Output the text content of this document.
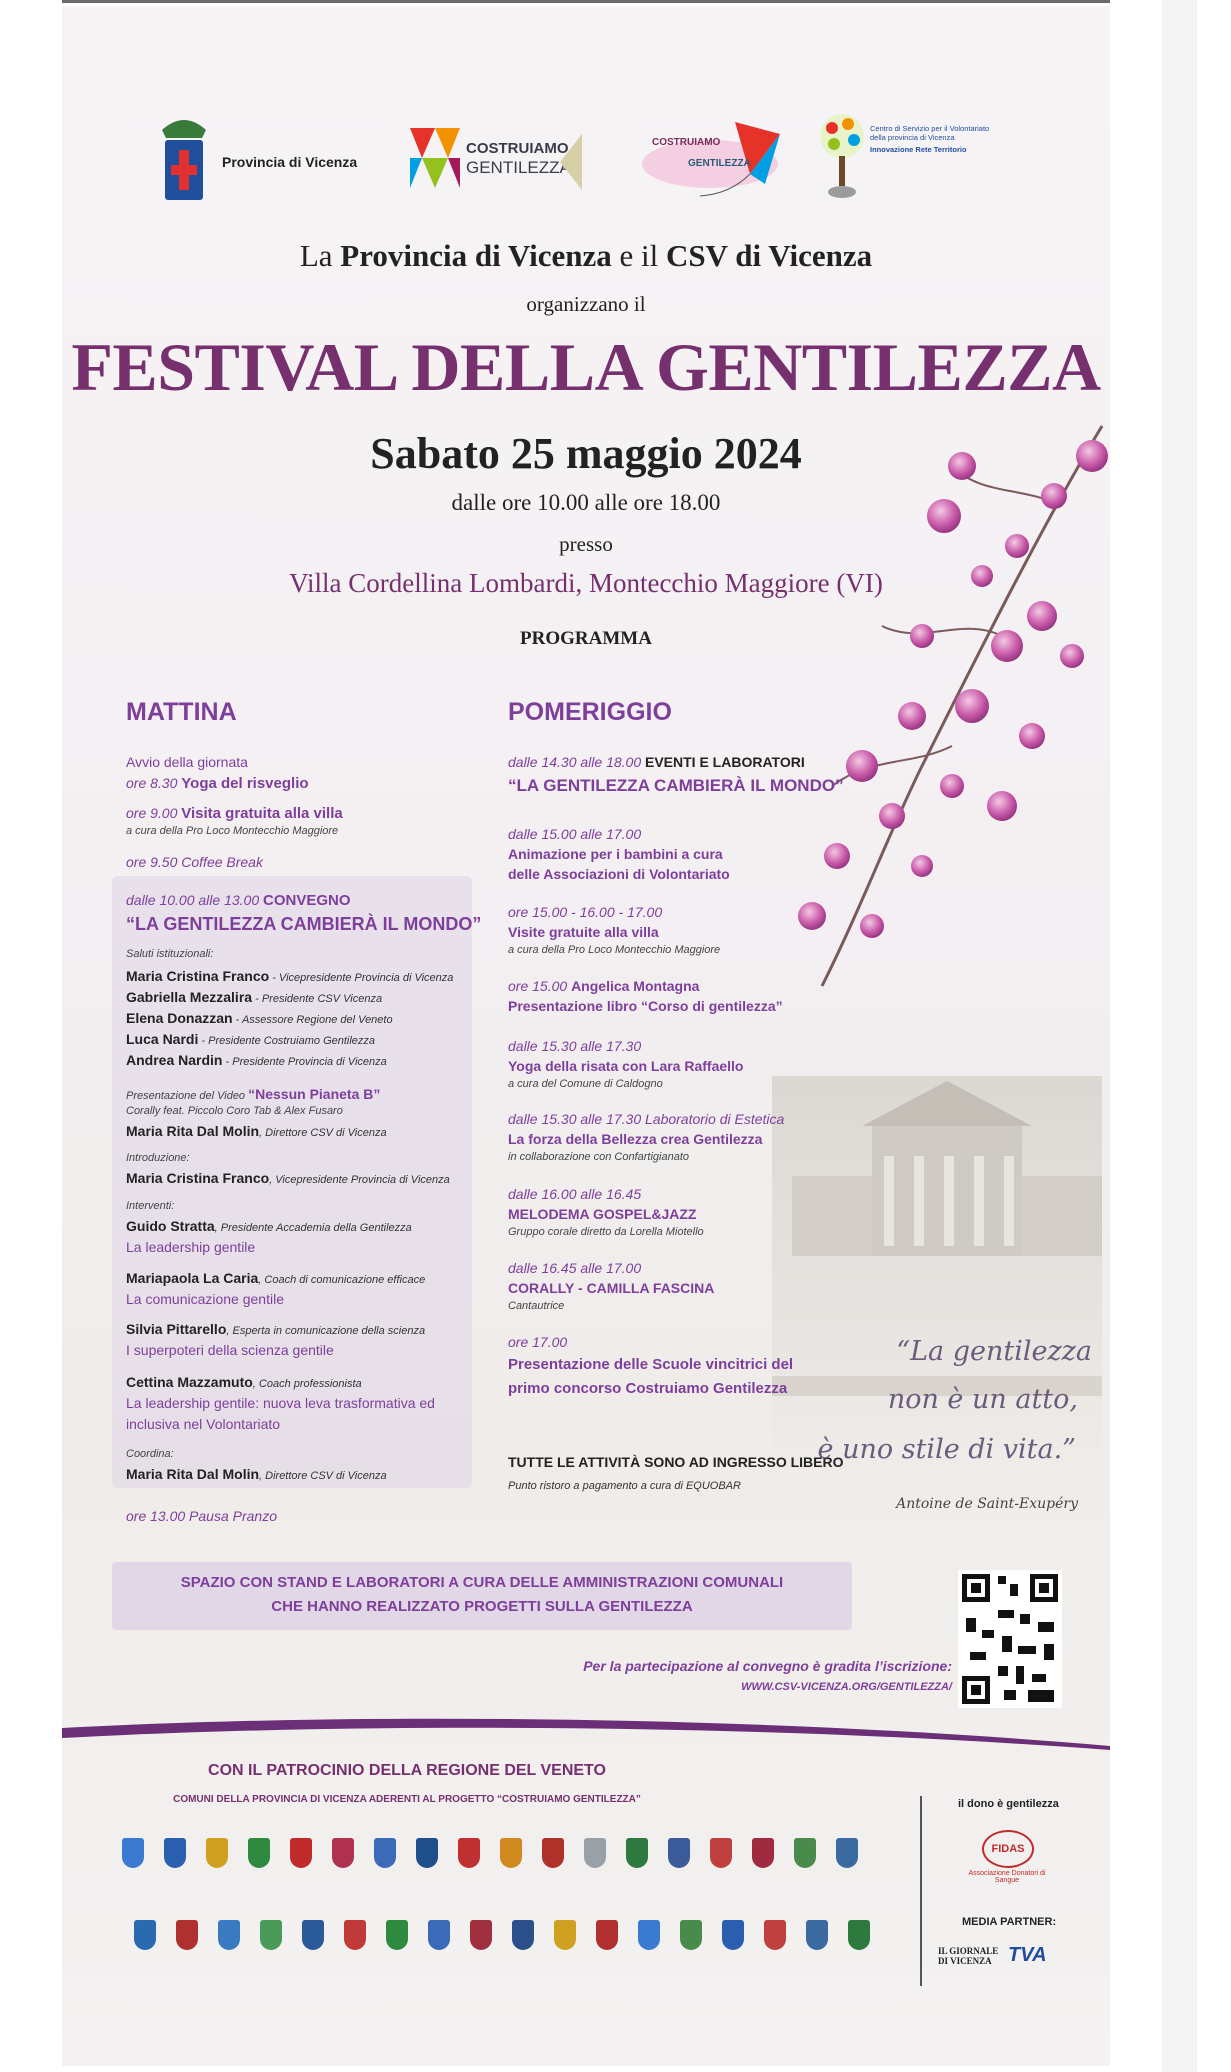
Provincia di Vicenza
COSTRUIAMO
GENTILEZZA
COSTRUIAMO
GENTILEZZA
Centro di Servizio per il Volontariato
della provincia di Vicenza
Innovazione Rete Territorio
La Provincia di Vicenza e il CSV di Vicenza
organizzano il
FESTIVAL DELLA GENTILEZZA
Sabato 25 maggio 2024
dalle ore 10.00 alle ore 18.00
presso
Villa Cordellina Lombardi, Montecchio Maggiore (VI)
PROGRAMMA
MATTINA
Avvio della giornata
ore 8.30 Yoga del risveglio
ore 9.00 Visita gratuita alla villa
a cura della Pro Loco Montecchio Maggiore
ore 9.50 Coffee Break
dalle 10.00 alle 13.00 CONVEGNO
“LA GENTILEZZA CAMBIERÀ IL MONDO”
Saluti istituzionali:
Maria Cristina Franco - Vicepresidente Provincia di Vicenza
Gabriella Mezzalira - Presidente CSV Vicenza
Elena Donazzan - Assessore Regione del Veneto
Luca Nardi - Presidente Costruiamo Gentilezza
Andrea Nardin - Presidente Provincia di Vicenza
Presentazione del Video “Nessun Pianeta B”
Corally feat. Piccolo Coro Tab & Alex Fusaro
Maria Rita Dal Molin, Direttore CSV di Vicenza
Introduzione:
Maria Cristina Franco, Vicepresidente Provincia di Vicenza
Interventi:
Guido Stratta, Presidente Accademia della Gentilezza
La leadership gentile
Mariapaola La Caria, Coach di comunicazione efficace
La comunicazione gentile
Silvia Pittarello, Esperta in comunicazione della scienza
I superpoteri della scienza gentile
Cettina Mazzamuto, Coach professionista
La leadership gentile: nuova leva trasformativa ed
inclusiva nel Volontariato
Coordina:
Maria Rita Dal Molin, Direttore CSV di Vicenza
ore 13.00 Pausa Pranzo
POMERIGGIO
dalle 14.30 alle 18.00 EVENTI E LABORATORI
“LA GENTILEZZA CAMBIERÀ IL MONDO”
dalle 15.00 alle 17.00
Animazione per i bambini a cura
delle Associazioni di Volontariato
ore 15.00 - 16.00 - 17.00
Visite gratuite alla villa
a cura della Pro Loco Montecchio Maggiore
ore 15.00 Angelica Montagna
Presentazione libro “Corso di gentilezza”
dalle 15.30 alle 17.30
Yoga della risata con Lara Raffaello
a cura del Comune di Caldogno
dalle 15.30 alle 17.30 Laboratorio di Estetica
La forza della Bellezza crea Gentilezza
in collaborazione con Confartigianato
dalle 16.00 alle 16.45
MELODEMA GOSPEL&JAZZ
Gruppo corale diretto da Lorella Miotello
dalle 16.45 alle 17.00
CORALLY - CAMILLA FASCINA
Cantautrice
ore 17.00
Presentazione delle Scuole vincitrici del
primo concorso Costruiamo Gentilezza
TUTTE LE ATTIVITÀ SONO AD INGRESSO LIBERO
Punto ristoro a pagamento a cura di EQUOBAR
“La gentilezza
non è un atto,
è uno stile di vita.”
Antoine de Saint-Exupéry
SPAZIO CON STAND E LABORATORI A CURA DELLE AMMINISTRAZIONI COMUNALI
CHE HANNO REALIZZATO PROGETTI SULLA GENTILEZZA
Per la partecipazione al convegno è gradita l’iscrizione:
WWW.CSV-VICENZA.ORG/GENTILEZZA/
CON IL PATROCINIO DELLA REGIONE DEL VENETO
COMUNI DELLA PROVINCIA DI VICENZA ADERENTI AL PROGETTO “COSTRUIAMO GENTILEZZA”	il dono è gentilezza
FIDAS
Associazione Donatori di Sangue
MEDIA PARTNER:
IL GIORNALE
DI VICENZA TVA
